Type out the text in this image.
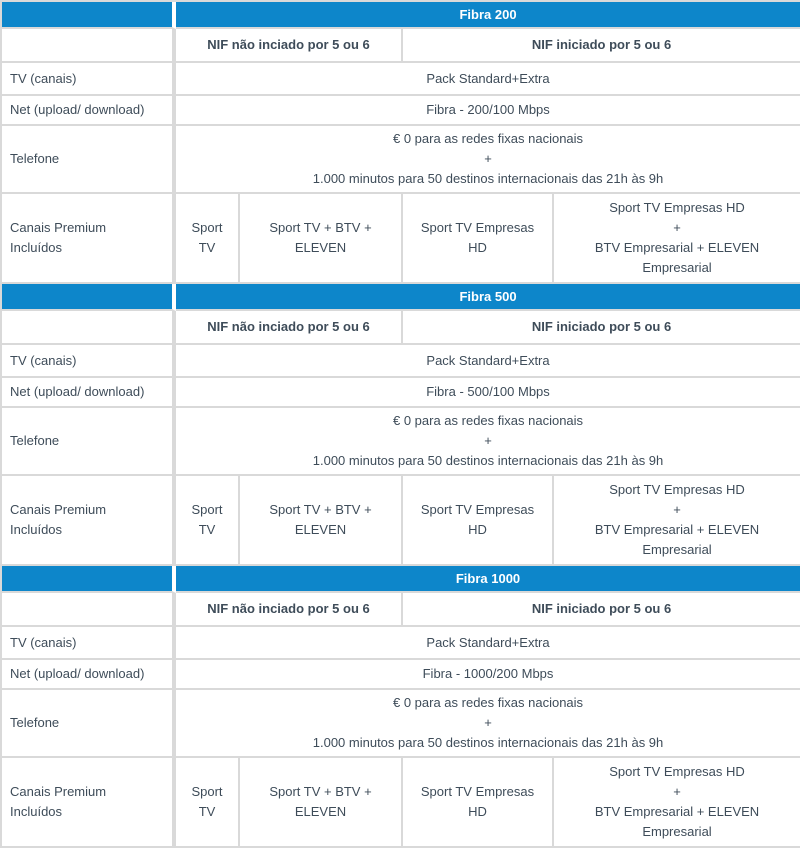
	Fibra 200			
	NIF não inciado por 5 ou 6		NIF iniciado por 5 ou 6	
TV (canais)	Pack Standard+Extra			
Net (upload/ download)	Fibra - 200/100 Mbps			
Telefone	€ 0 para as redes fixas nacionais
+
1.000 minutos para 50 destinos internacionais das 21h às 9h			

Canais Premium Incluídos	Sport TV	Sport TV + BTV + ELEVEN	Sport TV Empresas HD	Sport TV Empresas HD
+
BTV Empresarial + ELEVEN Empresarial

	Fibra 500			
	NIF não inciado por 5 ou 6		NIF iniciado por 5 ou 6	
TV (canais)	Pack Standard+Extra			
Net (upload/ download)	Fibra - 500/100 Mbps			
Telefone	€ 0 para as redes fixas nacionais
+
1.000 minutos para 50 destinos internacionais das 21h às 9h			

Canais Premium Incluídos	Sport TV	Sport TV + BTV + ELEVEN	Sport TV Empresas HD	Sport TV Empresas HD
+
BTV Empresarial + ELEVEN Empresarial

	Fibra 1000			
	NIF não inciado por 5 ou 6		NIF iniciado por 5 ou 6	
TV (canais)	Pack Standard+Extra			
Net (upload/ download)	Fibra - 1000/200 Mbps			
Telefone	€ 0 para as redes fixas nacionais
+
1.000 minutos para 50 destinos internacionais das 21h às 9h			

Canais Premium Incluídos	Sport TV	Sport TV + BTV + ELEVEN	Sport TV Empresas HD	Sport TV Empresas HD
+
BTV Empresarial + ELEVEN Empresarial
